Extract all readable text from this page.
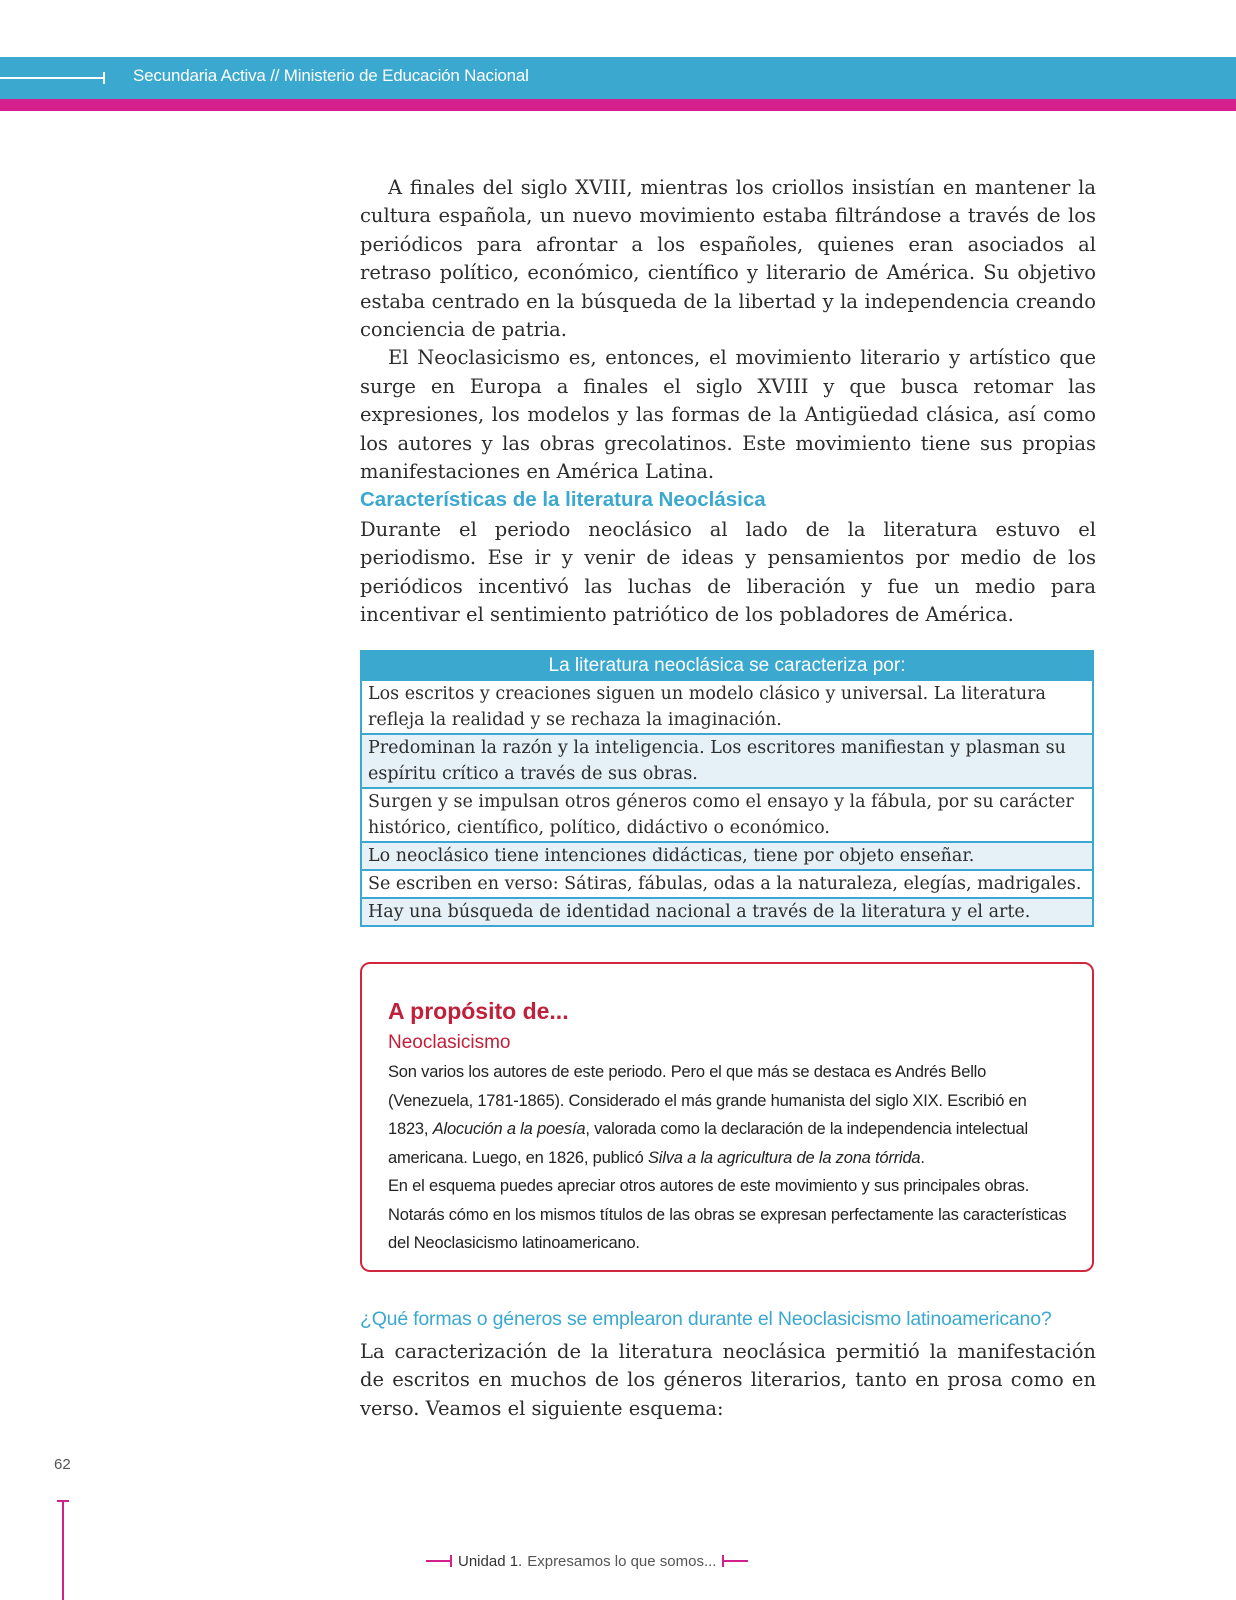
Secundaria Activa // Ministerio de Educación Nacional

A finales del siglo XVIII, mientras los criollos insistían en mantener la cultura española, un nuevo movimiento estaba filtrándose a través de los periódicos para afrontar a los españoles, quienes eran asociados al retraso político, económico, científico y literario de América. Su objetivo estaba centrado en la búsqueda de la libertad y la independencia creando conciencia de patria.

El Neoclasicismo es, entonces, el movimiento literario y artístico que surge en Europa a finales el siglo XVIII y que busca retomar las expresiones, los modelos y las formas de la Antigüedad clásica, así como los autores y las obras grecolatinos. Este movimiento tiene sus propias manifestaciones en América Latina.

Características de la literatura Neoclásica

Durante el periodo neoclásico al lado de la literatura estuvo el periodismo. Ese ir y venir de ideas y pensamientos por medio de los periódicos incentivó las luchas de liberación y fue un medio para incentivar el sentimiento patriótico de los pobladores de América.

La literatura neoclásica se caracteriza por:
Los escritos y creaciones siguen un modelo clásico y universal. La literatura refleja la realidad y se rechaza la imaginación.
Predominan la razón y la inteligencia. Los escritores manifiestan y plasman su espíritu crítico a través de sus obras.
Surgen y se impulsan otros géneros como el ensayo y la fábula, por su carácter histórico, científico, político, didáctivo o económico.
Lo neoclásico tiene intenciones didácticas, tiene por objeto enseñar.
Se escriben en verso: Sátiras, fábulas, odas a la naturaleza, elegías, madrigales.
Hay una búsqueda de identidad nacional a través de la literatura y el arte.
A propósito de...
Neoclasicismo

Son varios los autores de este periodo. Pero el que más se destaca es Andrés Bello (Venezuela, 1781-1865). Considerado el más grande humanista del siglo XIX. Escribió en 1823, Alocución a la poesía, valorada como la declaración de la independencia intelectual americana. Luego, en 1826, publicó Silva a la agricultura de la zona tórrida.

En el esquema puedes apreciar otros autores de este movimiento y sus principales obras. Notarás cómo en los mismos títulos de las obras se expresan perfectamente las características del Neoclasicismo latinoamericano.

¿Qué formas o géneros se emplearon durante el Neoclasicismo latinoamericano?

La caracterización de la literatura neoclásica permitió la manifestación de escritos en muchos de los géneros literarios, tanto en prosa como en verso. Veamos el siguiente esquema:

62
Unidad 1. Expresamos lo que somos...
